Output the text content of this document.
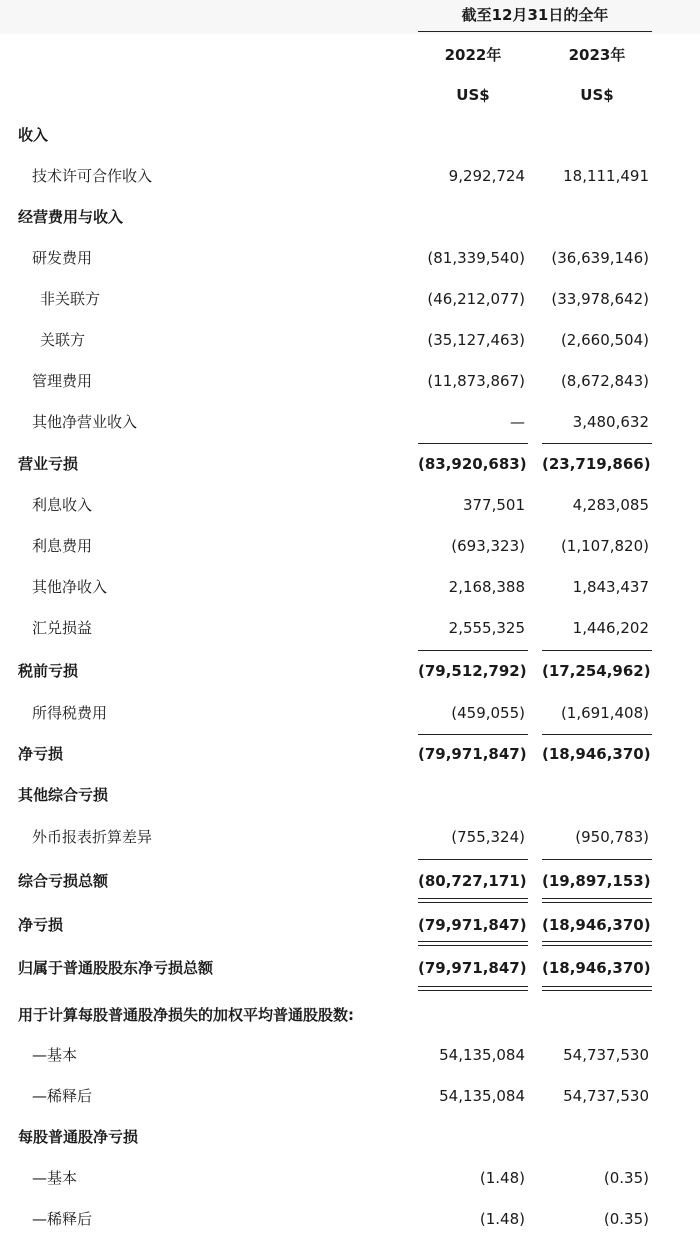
截至12月31日的全年
2022年	2023年
US$	US$
收入
技术许可合作收入	9,292,724	18,111,491
经营费用与收入
研发费用	(81,339,540)	(36,639,146)
非关联方	(46,212,077)	(33,978,642)
关联方	(35,127,463)	(2,660,504)
管理费用	(11,873,867)	(8,672,843)
其他净营业收入	—	3,480,632
营业亏损	(83,920,683) (23,719,866)
利息收入	377,501	4,283,085
利息费用	(693,323)	(1,107,820)
其他净收入	2,168,388	1,843,437
汇兑损益	2,555,325	1,446,202
税前亏损	(79,512,792) (17,254,962)
所得税费用	(459,055)	(1,691,408)
净亏损	(79,971,847) (18,946,370)
其他综合亏损
外币报表折算差异	(755,324)	(950,783)
综合亏损总额	(80,727,171) (19,897,153)
净亏损	(79,971,847) (18,946,370)
归属于普通股股东净亏损总额	(79,971,847) (18,946,370)
用于计算每股普通股净损失的加权平均普通股股数:
—基本	54,135,084	54,737,530
—稀释后	54,135,084	54,737,530
每股普通股净亏损
—基本	(1.48)	(0.35)
—稀释后	(1.48)	(0.35)
